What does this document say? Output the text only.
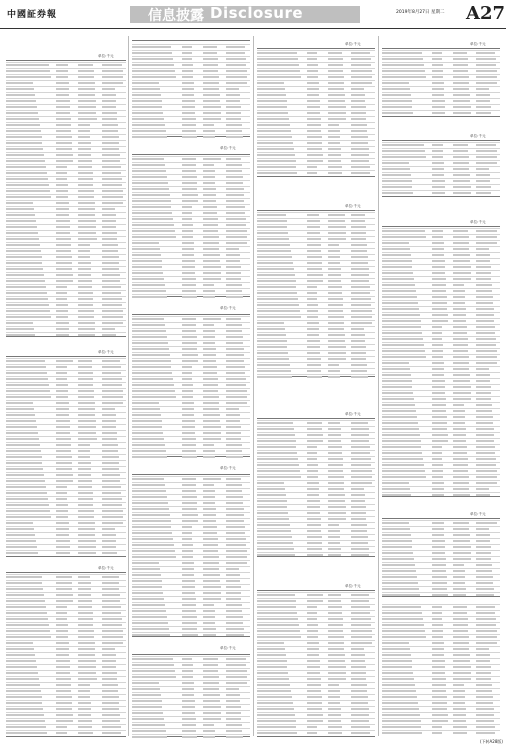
中國証券報	信息披露 Disclosure	2019年8月27日 星期二 A27
单位:千元
单位:千元
单位:千元
单位:千元
单位:千元
单位:千元
单位:千元
单位:千元
单位:千元
单位:千元
单位:千元
单位:千元
单位:千元
单位:千元
单位:千元
(下转A28版)
